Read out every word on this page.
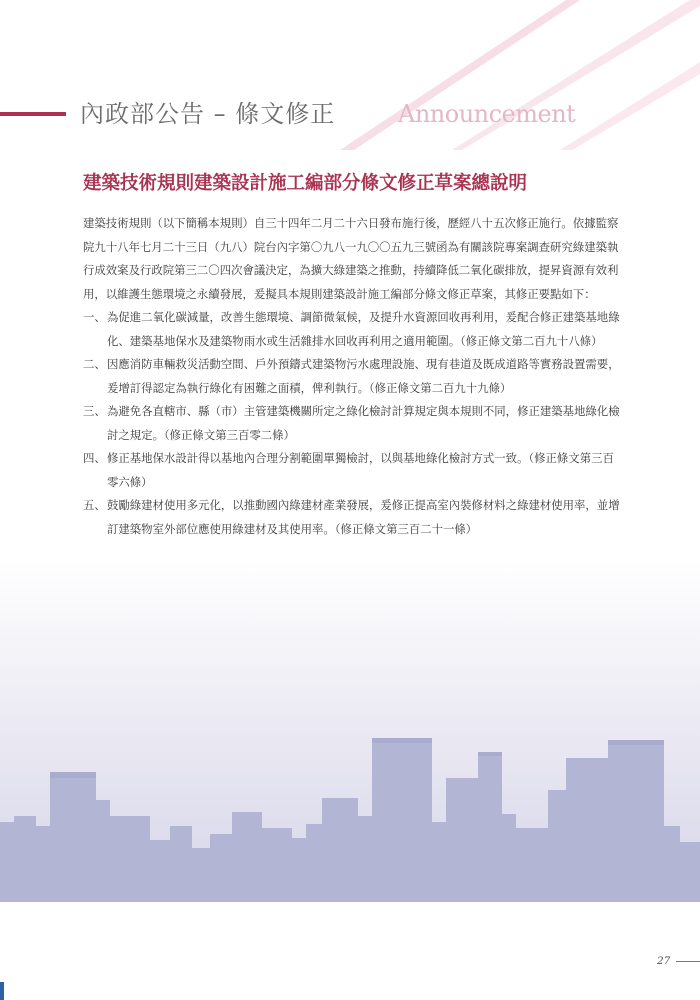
內政部公告 – 條文修正	Announcement
建築技術規則建築設計施工編部分條文修正草案總說明

建築技術規則（以下簡稱本規則）自三十四年二月二十六日發布施行後，歷經八十五次修正施行。依據監察院九十八年七月二十三日（九八）院台內字第〇九八一九〇〇五九三號函為有關該院專案調查研究綠建築執行成效案及行政院第三二〇四次會議決定，為擴大綠建築之推動，持續降低二氧化碳排放，提昇資源有效利用，以維護生態環境之永續發展，爰擬具本規則建築設計施工編部分條文修正草案，其修正要點如下：

一、 為促進二氧化碳減量，改善生態環境、調節微氣候，及提升水資源回收再利用，爰配合修正建築基地綠化、建築基地保水及建築物雨水或生活雜排水回收再利用之適用範圍。（修正條文第二百九十八條）
二、 因應消防車輛救災活動空間、戶外預鑄式建築物污水處理設施、現有巷道及既成道路等實務設置需要，爰增訂得認定為執行綠化有困難之面積，俾利執行。（修正條文第二百九十九條）
三、 為避免各直轄市、縣（市）主管建築機關所定之綠化檢討計算規定與本規則不同，修正建築基地綠化檢討之規定。（修正條文第三百零二條）
四、 修正基地保水設計得以基地內合理分割範圍單獨檢討，以與基地綠化檢討方式一致。（修正條文第三百零六條）
五、 鼓勵綠建材使用多元化，以推動國內綠建材產業發展，爰修正提高室內裝修材料之綠建材使用率，並增訂建築物室外部位應使用綠建材及其使用率。（修正條文第三百二十一條）
27
